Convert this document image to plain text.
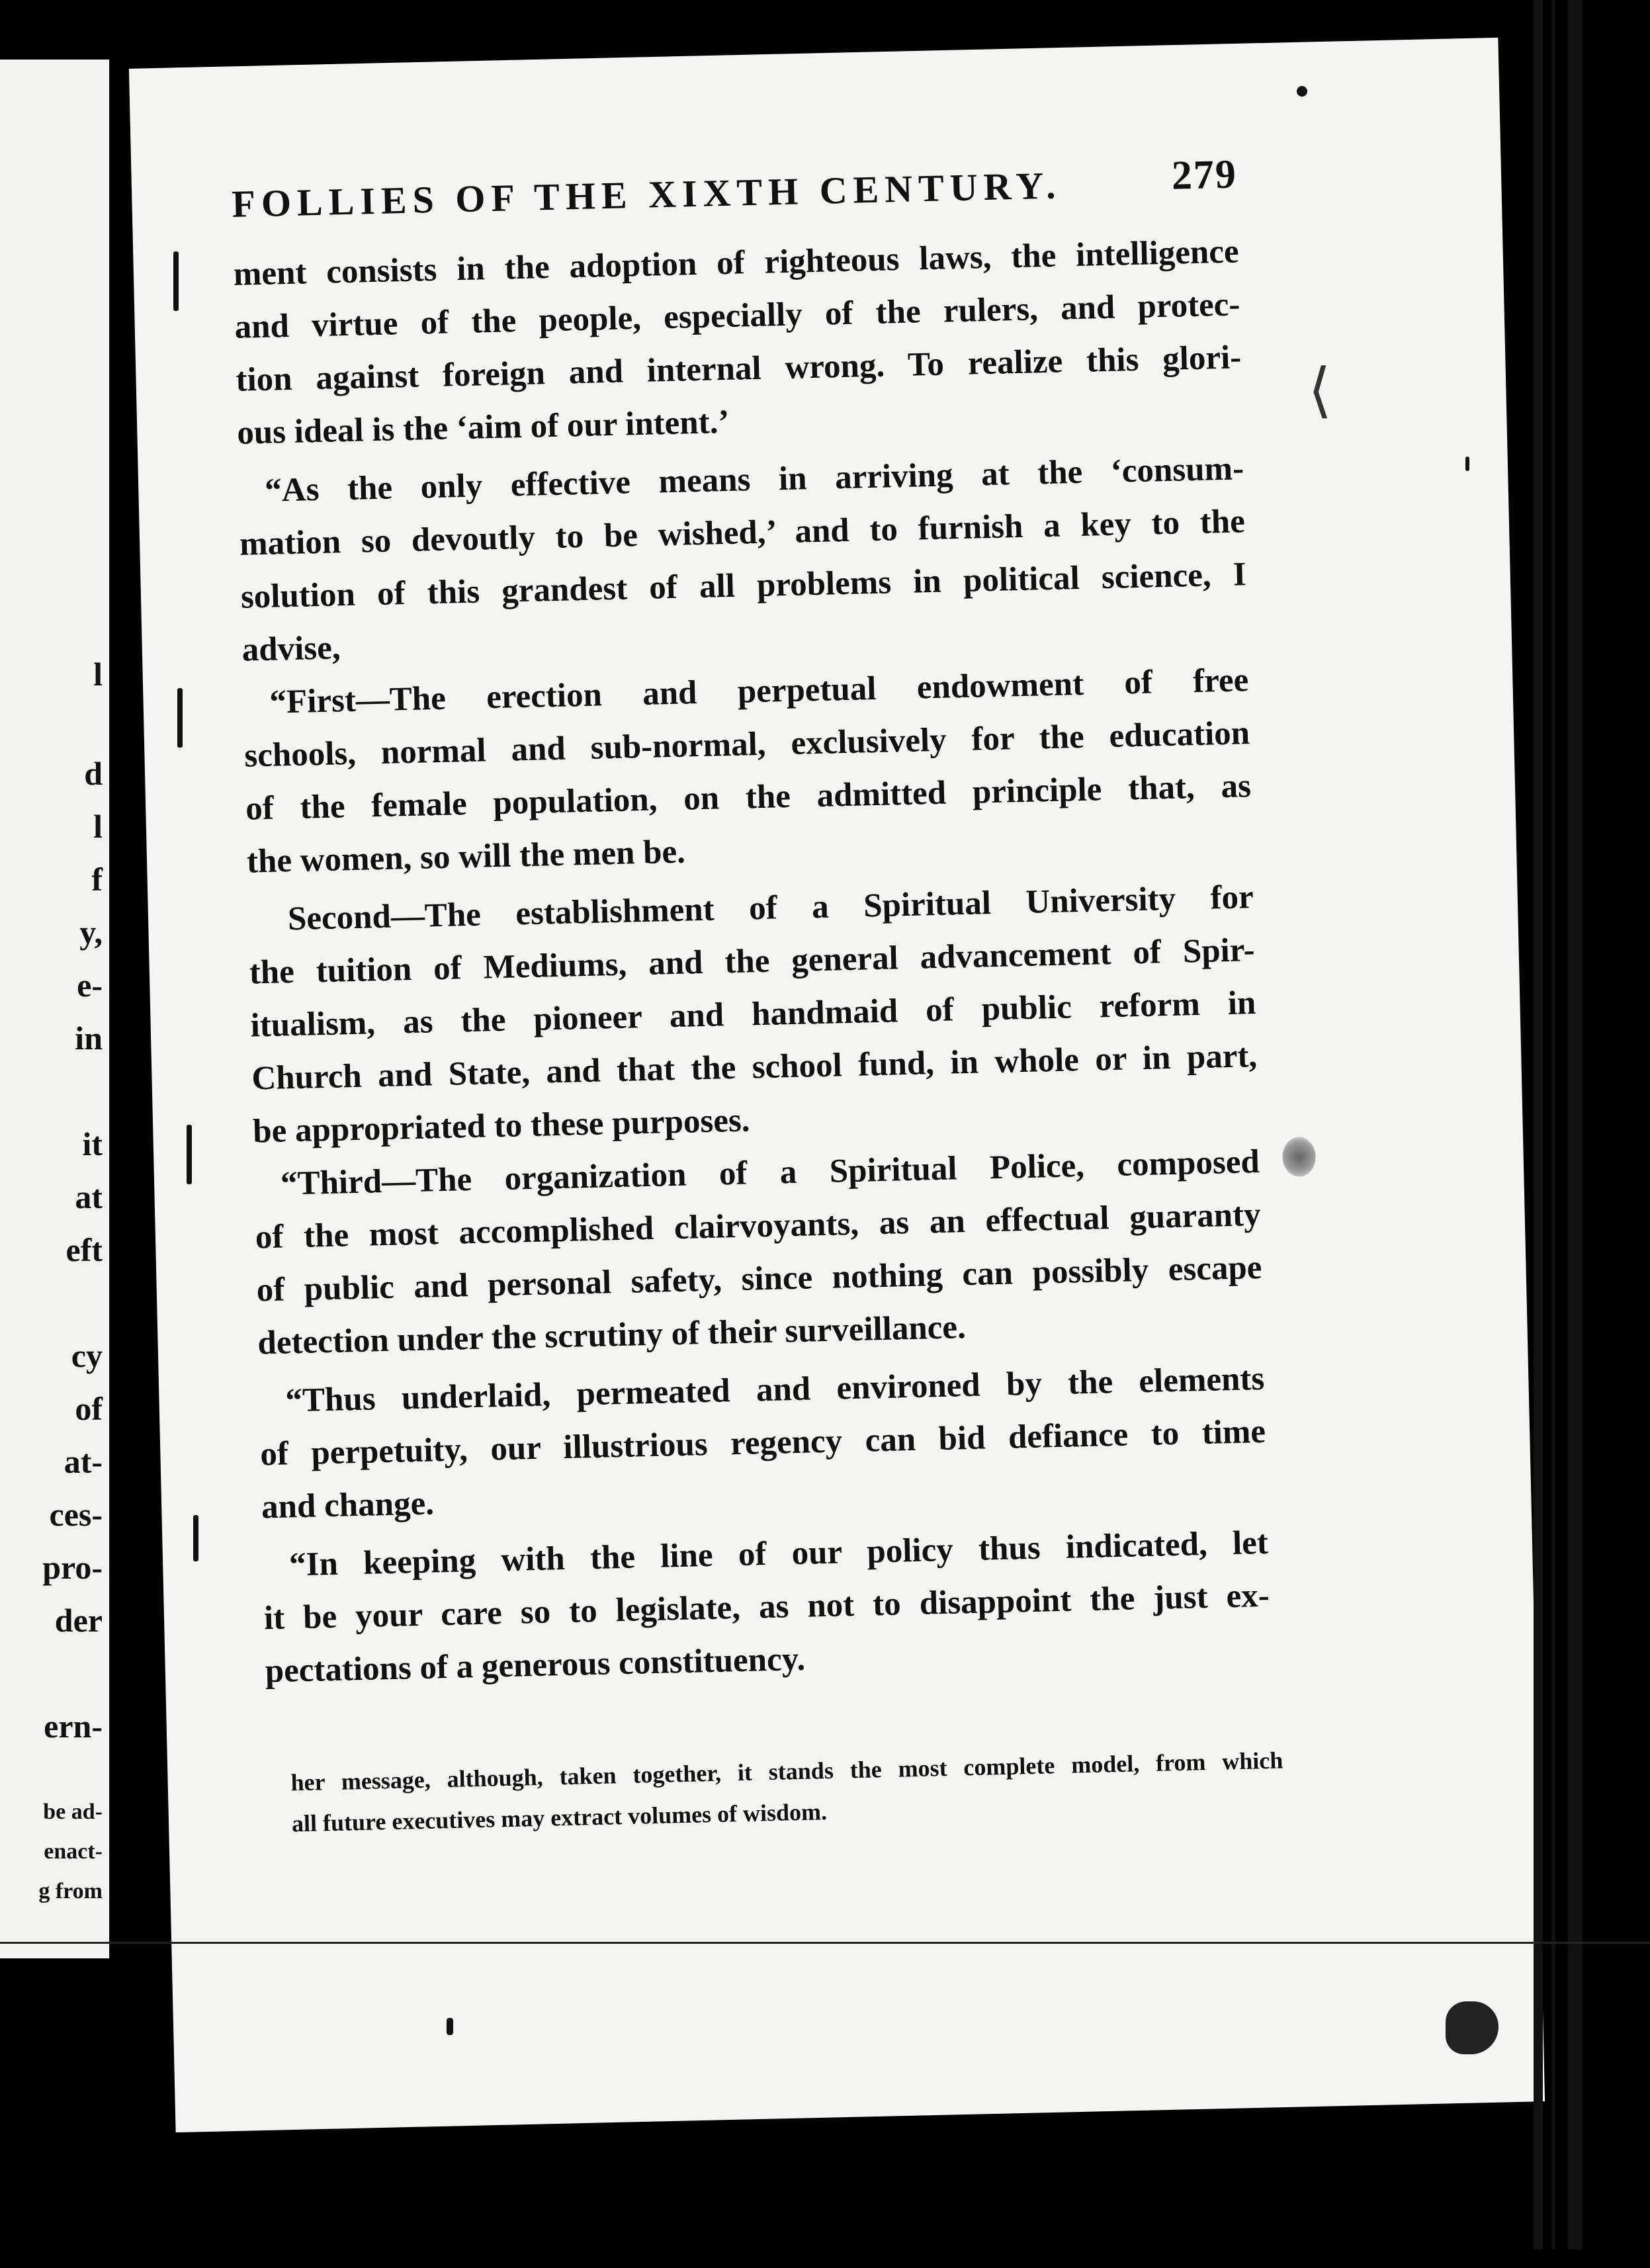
l
d
l
f
y,
e-
in
it
at
eft
cy
of
at-
ces-
pro-
der
ern-
be ad-
enact-
g from
FOLLIES OF THE XIXTH CENTURY.	279
ment consists in the adoption of righteous laws, the intelligence
and virtue of the people, especially of the rulers, and protec-
tion against foreign and internal wrong. To realize this glori-
ous ideal is the ‘aim of our intent.’
“As the only effective means in arriving at the ‘consum-
mation so devoutly to be wished,’ and to furnish a key to the
solution of this grandest of all problems in political science, I
advise,
“First—The erection and perpetual endowment of free
schools, normal and sub-normal, exclusively for the education
of the female population, on the admitted principle that, as
the women, so will the men be.
Second—The establishment of a Spiritual University for
the tuition of Mediums, and the general advancement of Spir-
itualism, as the pioneer and handmaid of public reform in
Church and State, and that the school fund, in whole or in part,
be appropriated to these purposes.
“Third—The organization of a Spiritual Police, composed
of the most accomplished clairvoyants, as an effectual guaranty
of public and personal safety, since nothing can possibly escape
detection under the scrutiny of their surveillance.
“Thus underlaid, permeated and environed by the elements
of perpetuity, our illustrious regency can bid defiance to time
and change.
“In keeping with the line of our policy thus indicated, let
it be your care so to legislate, as not to disappoint the just ex-
pectations of a generous constituency.
her message, although, taken together, it stands the most complete model, from which
all future executives may extract volumes of wisdom.
⟨
